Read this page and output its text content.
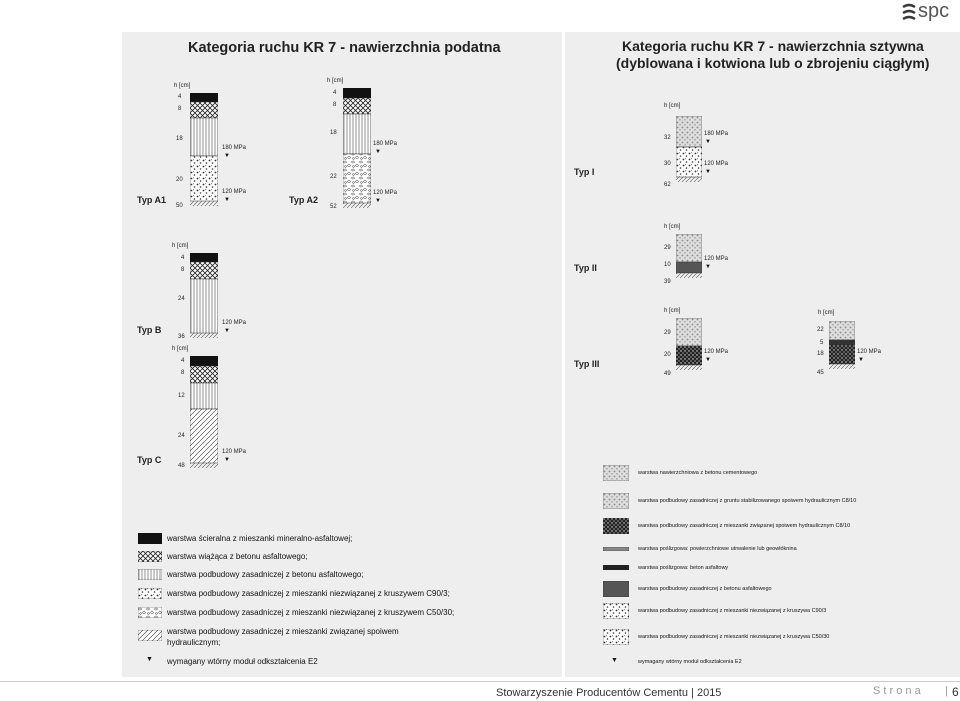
spc
Kategoria ruchu KR 7 - nawierzchnia podatna
h [cm]
4
8
18
20
50
180 MPa
▼
120 MPa
▼
Typ A1
h [cm]
4
8
18
22
52
180 MPa
▼
120 MPa
▼
Typ A2
h [cm]
4
8
24
36
120 MPa
▼
Typ B
h [cm]
4
8
12
24
48
120 MPa
▼
Typ C
warstwa ścieralna z mieszanki mineralno-asfaltowej;
warstwa wiążąca z betonu asfaltowego;
warstwa podbudowy zasadniczej z betonu asfaltowego;
warstwa podbudowy zasadniczej z mieszanki niezwiązanej z kruszywem C90/3;
warstwa podbudowy zasadniczej z mieszanki niezwiązanej z kruszywem C50/30;
warstwa podbudowy zasadniczej z mieszanki związanej spoiwem hydraulicznym;
▼ wymagany wtórny moduł odkształcenia E2
Kategoria ruchu KR 7 - nawierzchnia sztywna
(dyblowana i kotwiona lub o zbrojeniu ciągłym)
h [cm]
32
30
62
180 MPa
▼
120 MPa
▼
Typ I
h [cm]
29
10
39
120 MPa
▼
Typ II
h [cm]
29
20
49
120 MPa
▼
Typ III
h [cm]
22
5
18
45
120 MPa
▼
warstwa nawierzchniowa z betonu cementowego
warstwa podbudowy zasadniczej z gruntu stabilizowanego spoiwem hydraulicznym C8/10
warstwa podbudowy zasadniczej z mieszanki związanej spoiwem hydraulicznym C8/10
warstwa poślizgowa: powierzchniowe utrwalenie lub geowłóknina
warstwa poślizgowa: beton asfaltowy
warstwa podbudowy zasadniczej z betonu asfaltowego
warstwa podbudowy zasadniczej z mieszanki niezwiązanej z kruszywa C90/3
warstwa podbudowy zasadniczej z mieszanki niezwiązanej z kruszywa C50/30
▼	wymagany wtórny moduł odkształcenia E2
Stowarzyszenie Producentów Cementu | 2015	S t r o n a | 6
